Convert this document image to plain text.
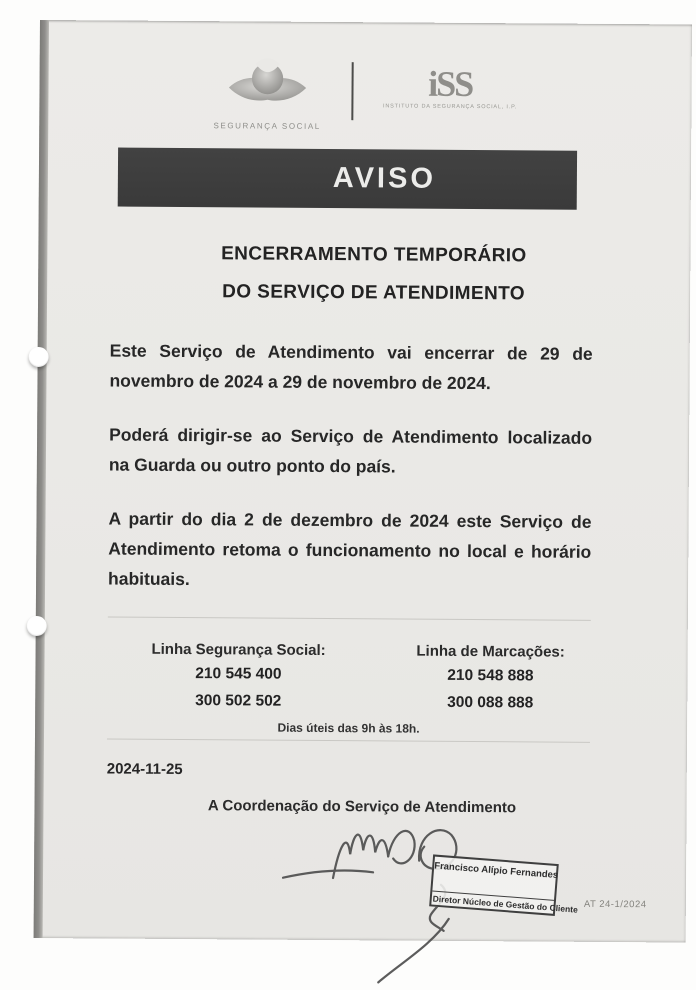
SEGURANÇA SOCIAL
iSS
INSTITUTO DA SEGURANÇA SOCIAL, I.P.
AVISO
ENCERRAMENTO TEMPORÁRIO
DO SERVIÇO DE ATENDIMENTO

Este Serviço de Atendimento vai encerrar de 29 de novembro de 2024 a 29 de novembro de 2024.

Poderá dirigir-se ao Serviço de Atendimento localizado na Guarda ou outro ponto do país.

A partir do dia 2 de dezembro de 2024 este Serviço de Atendimento retoma o funcionamento no local e horário habituais.

Linha Segurança Social:
210 545 400
300 502 502
Linha de Marcações:
210 548 888
300 088 888
Dias úteis das 9h às 18h.
2024-11-25
A Coordenação do Serviço de Atendimento
Francisco Alípio Fernandes
Diretor Núcleo de Gestão do Cliente AT 24-1/2024
